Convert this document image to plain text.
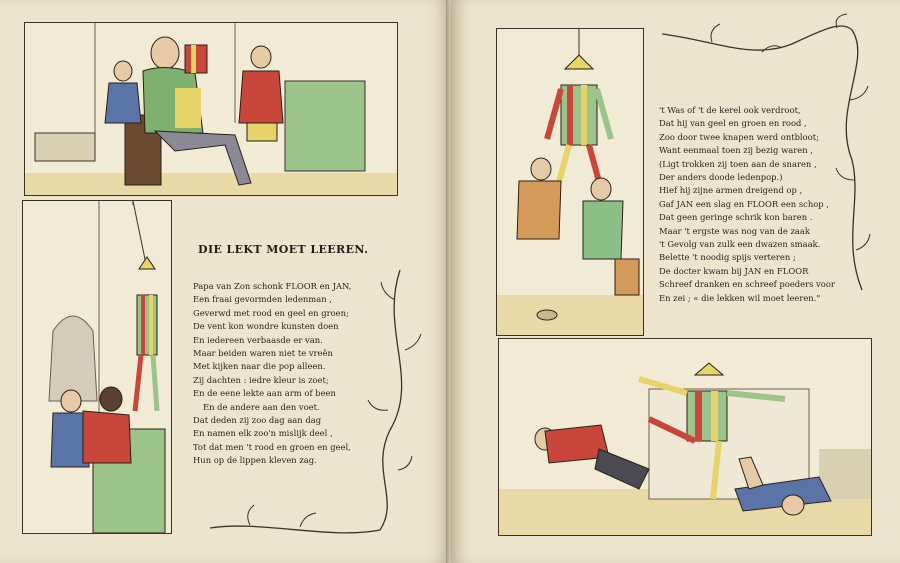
DIE LEKT MOET LEEREN.
Papa van Zon schonk FLOOR en JAN,
Een fraai gevormden ledenman ,
Geverwd met rood en geel en groen;
De vent kon wondre kunsten doen
En iedereen verbaasde er van.
Maar beiden waren niet te vreên
Met kijken naar die pop alleen.
Zij dachten : iedre kleur is zoet;
En de eene lekte aan arm of been
En de andere aan den voet.
Dat deden zij zoo dag aan dag
En namen elk zoo'n mislijk deel ,
Tot dat men 't rood en groen en geel,
Hun op de lippen kleven zag.
't Was of 't de kerel ook verdroot,
Dat hij van geel en groen en rood ,
Zoo door twee knapen werd ontbloot;
Want eenmaal toen zij bezig waren ,
(Ligt trokken zij toen aan de snaren ,
Der anders doode ledenpop.)
Hief hij zijne armen dreigend op ,
Gaf JAN een slag en FLOOR een schop ,
Dat geen geringe schrik kon baren .
Maar 't ergste was nog van de zaak
't Gevolg van zulk een dwazen smaak.
Belette 't noodig spijs verteren ;
De docter kwam bij JAN en FLOOR
Schreef dranken en schreef poeders voor
En zei ; « die lekken wil moet leeren."
